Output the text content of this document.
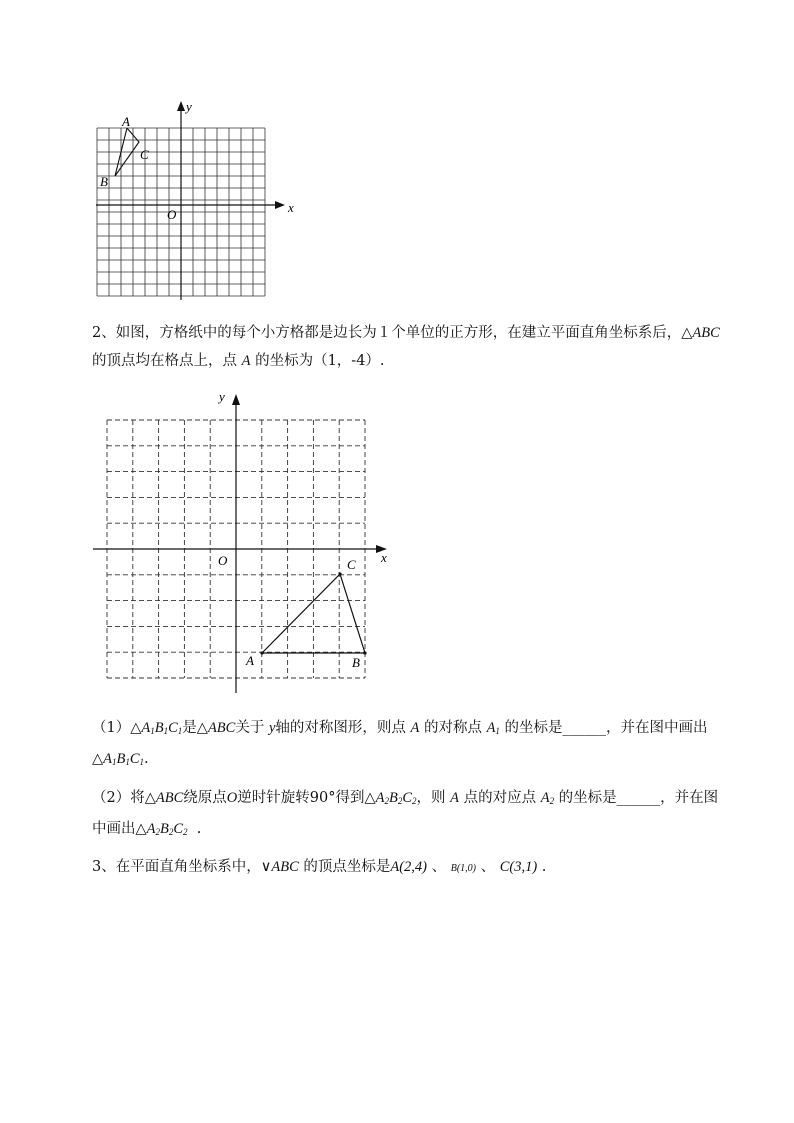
y
x
O
A
B
C
2、如图，方格纸中的每个小方格都是边长为１个单位的正方形，在建立平面直角坐标系后，△ABC
的顶点均在格点上，点 A 的坐标为（1，-4）.
y
x
O
A	B
C
$(1)\triangle A_1B_1C_1$是△ABC关于 y轴的对称图形，则点 A 的对称点 $A_1$ 的坐标是______，并在图中画出
$\triangle A_1B_1C_1$.
（2）将△ABC绕原点O逆时针旋转90°得到$\triangle A_2B_2C_2$，则 A 点的对应点 $A_2$ 的坐标是______，并在图
中画出$\triangle A_2B_2C_2$ .
3、在平面直角坐标系中，∨ABC 的顶点坐标是A(2,4) 、 B(1,0) 、 C(3,1) .
